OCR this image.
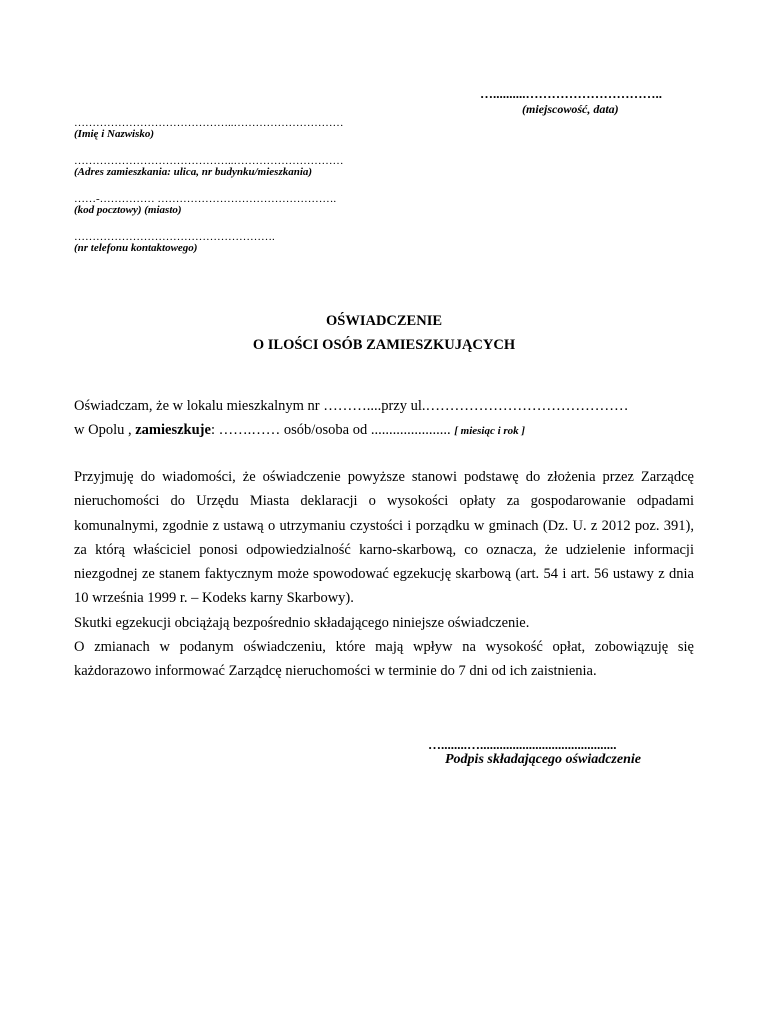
…..........…………………………..
(miejscowość, data)
……………………………………..…………………………
(Imię i Nazwisko)
……………………………………..…………………………
(Adres zamieszkania: ulica, nr budynku/mieszkania)
……-…………… ………………………………………….
(kod pocztowy) (miasto)
……………………………………………….
(nr telefonu kontaktowego)
OŚWIADCZENIE
O ILOŚCI OSÓB ZAMIESZKUJĄCYCH

Oświadczam, że w lokalu mieszkalnym nr ………....przy ul.……………………………………

w Opolu , zamieszkuje: …….…… osób/osoba od ...................... [ miesiąc i rok ]

Przyjmuję do wiadomości, że oświadczenie powyższe stanowi podstawę do złożenia przez Zarządcę nieruchomości do Urzędu Miasta deklaracji o wysokości opłaty za gospodarowanie odpadami komunalnymi, zgodnie z ustawą o utrzymaniu czystości i porządku w gminach (Dz. U. z 2012 poz. 391), za którą właściciel ponosi odpowiedzialność karno-skarbową, co oznacza, że udzielenie informacji niezgodnej ze stanem faktycznym może spowodować egzekucję skarbową (art. 54 i art. 56 ustawy z dnia 10 września 1999 r. – Kodeks karny Skarbowy).

Skutki egzekucji obciążają bezpośrednio składającego niniejsze oświadczenie.

O zmianach w podanym oświadczeniu, które mają wpływ na wysokość opłat, zobowiązuję się każdorazowo informować Zarządcę nieruchomości w terminie do 7 dni od ich zaistnienia.

…........…..........................................
Podpis składającego oświadczenie
